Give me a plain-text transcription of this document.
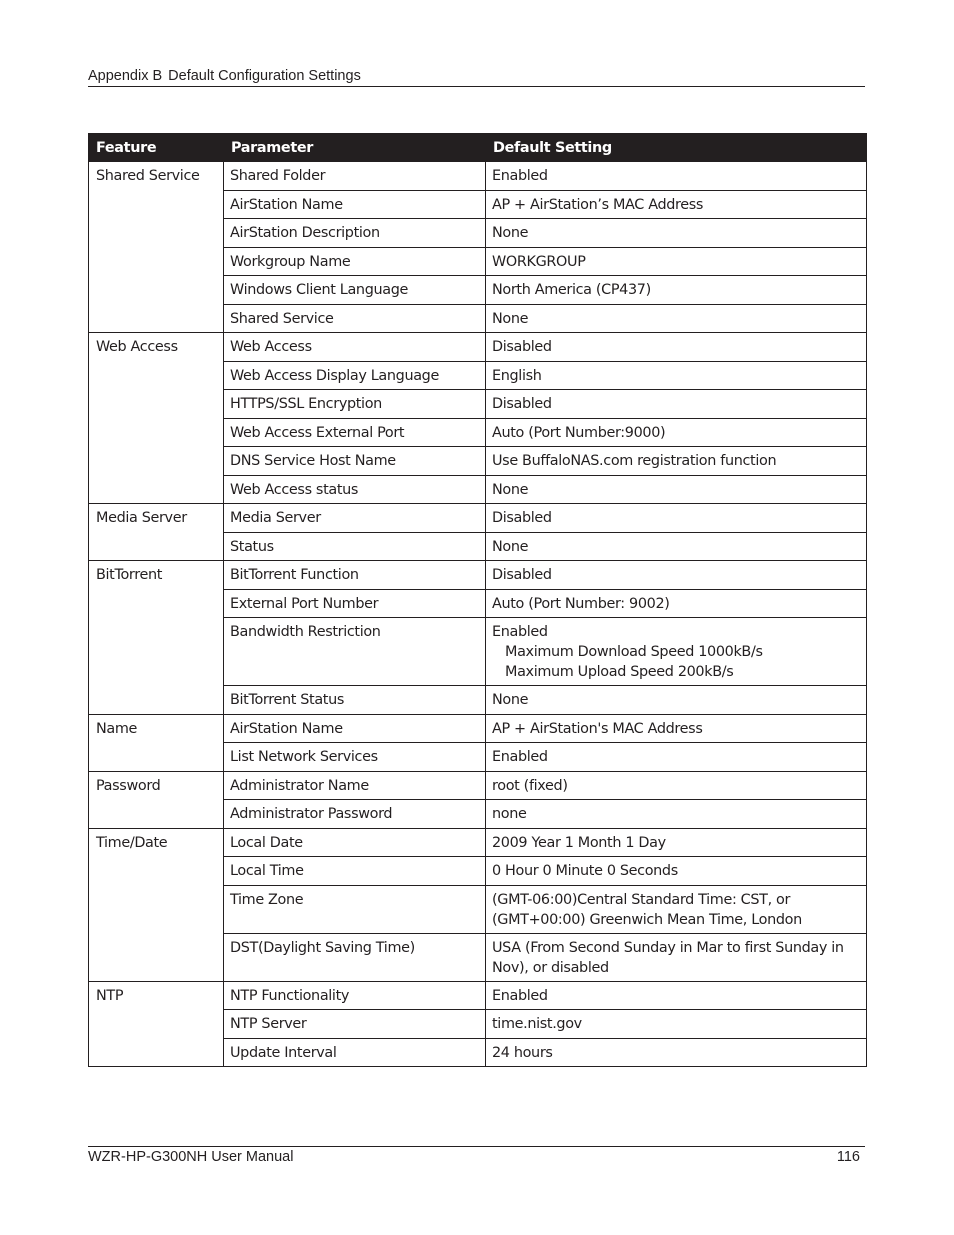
Appendix B Default Configuration Settings
Feature	Parameter	Default Setting
Shared Service	Shared Folder	Enabled

	AirStation Name	AP + AirStation’s MAC Address

	AirStation Description	None

	Workgroup Name	WORKGROUP

	Windows Client Language	North America (CP437)

	Shared Service	None

Web Access	Web Access	Disabled

	Web Access Display Language	English

	HTTPS/SSL Encryption	Disabled

	Web Access External Port	Auto (Port Number:9000)

	DNS Service Host Name	Use BuffaloNAS.com registration function

	Web Access status	None

Media Server	Media Server	Disabled

	Status	None

BitTorrent	BitTorrent Function	Disabled

	External Port Number	Auto (Port Number: 9002)

	Bandwidth Restriction	Enabled
Maximum Download Speed 1000kB/s
Maximum Upload Speed 200kB/s

	BitTorrent Status	None

Name	AirStation Name	AP + AirStation's MAC Address

	List Network Services	Enabled

Password	Administrator Name	root (fixed)

	Administrator Password	none

Time/Date	Local Date	2009 Year 1 Month 1 Day

	Local Time	0 Hour 0 Minute 0 Seconds

	Time Zone	(GMT-06:00)Central Standard Time: CST, or
(GMT+00:00) Greenwich Mean Time, London

	DST(Daylight Saving Time)	USA (From Second Sunday in Mar to first Sunday in
Nov), or disabled

NTP	NTP Functionality	Enabled

	NTP Server	time.nist.gov

	Update Interval	24 hours
WZR-HP-G300NH User Manual	116
